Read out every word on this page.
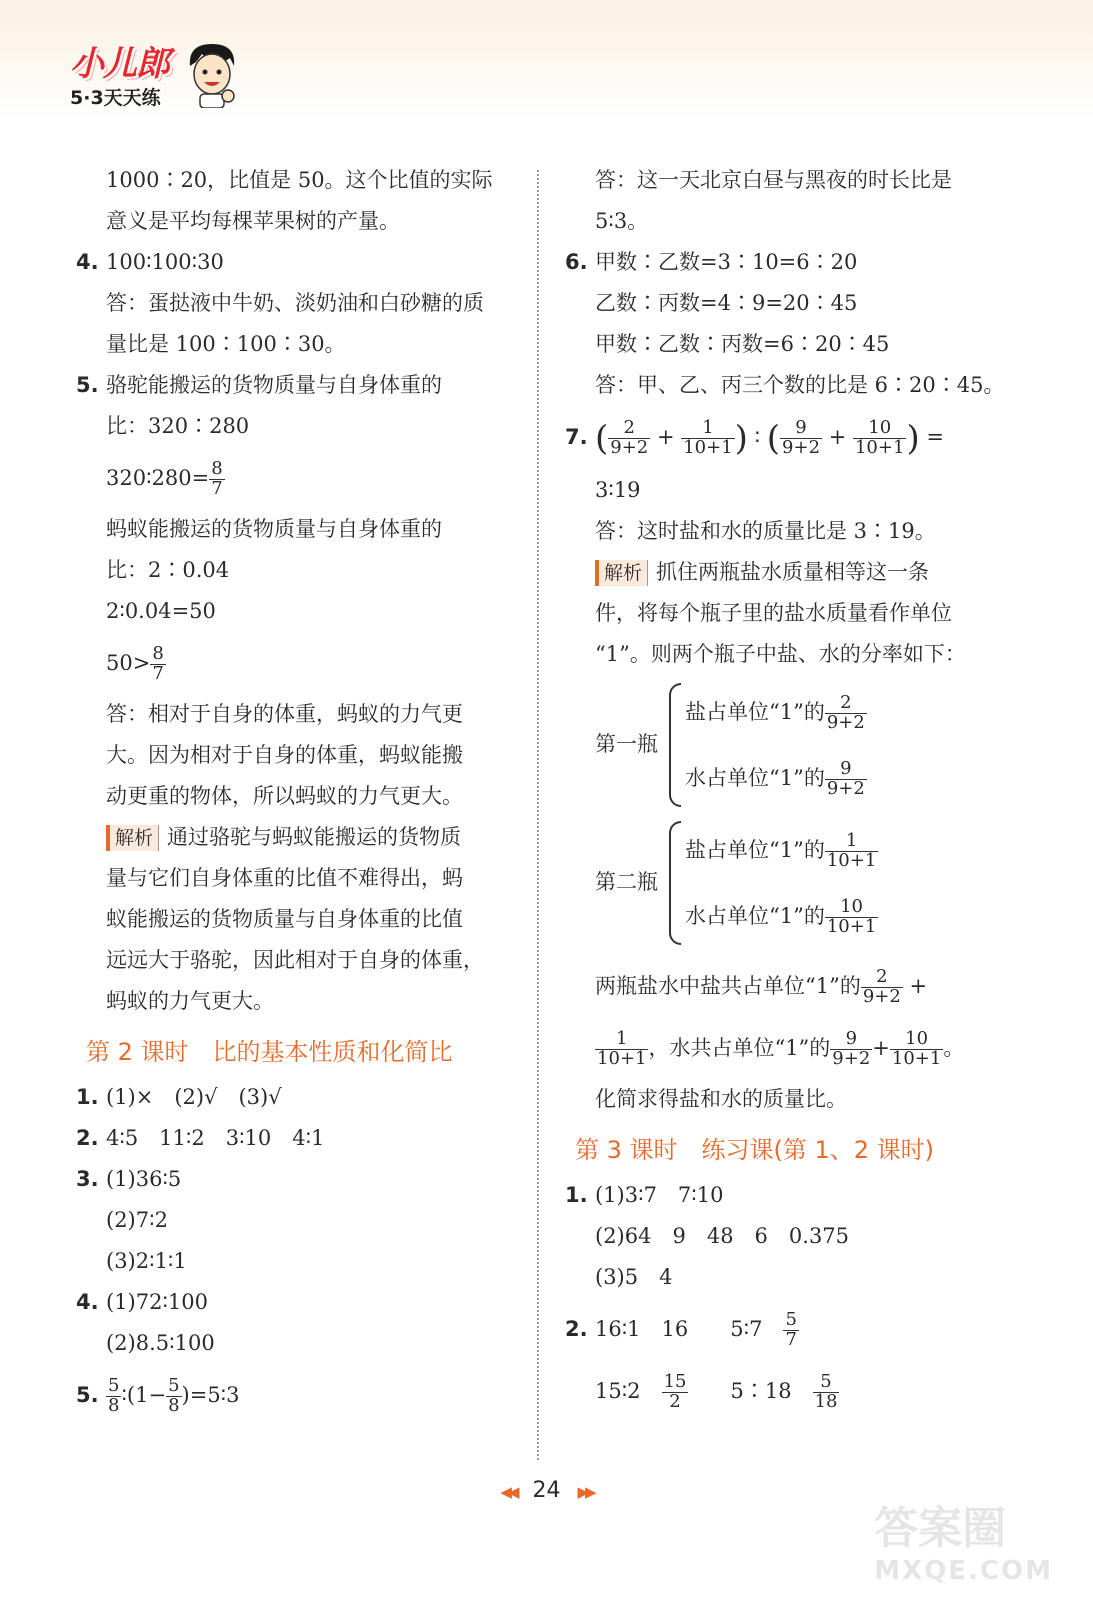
小儿郎
5·3天天练
1000∶20，比值是 50。这个比值的实际
意义是平均每棵苹果树的产量。
4. 100∶100∶30
答：蛋挞液中牛奶、淡奶油和白砂糖的质
量比是 100∶100∶30。
5. 骆驼能搬运的货物质量与自身体重的
比：320∶280
320∶280= $\frac{8}{7}$
蚂蚁能搬运的货物质量与自身体重的
比：2∶0.04
2∶0.04=50
$50> \frac{8}{7}$
答：相对于自身的体重，蚂蚁的力气更
大。因为相对于自身的体重，蚂蚁能搬
动更重的物体，所以蚂蚁的力气更大。
解析 通过骆驼与蚂蚁能搬运的货物质
量与它们自身体重的比值不难得出，蚂
蚁能搬运的货物质量与自身体重的比值
远远大于骆驼，因此相对于自身的体重，
蚂蚁的力气更大。
第 2 课时　比的基本性质和化简比
1. (1)×　(2)√　(3)√
2. 4∶5　11∶2　3∶10　4∶1
3. (1)36∶5
(2)7∶2
(3)2∶1∶1
4. (1)72∶100
(2)8.5∶100
5. $\frac{5}{8}$ ∶(1− $\frac{5}{8}$ )=5∶3
答：这一天北京白昼与黑夜的时长比是
5∶3。
6. 甲数∶乙数=3∶10=6∶20
乙数∶丙数=4∶9=20∶45
甲数∶乙数∶丙数=6∶20∶45
答：甲、乙、丙三个数的比是 6∶20∶45。
7. ( $\frac{2}{9+2} + \frac{1}{10+1}$ ) ∶ ( $\frac{9}{9+2} + \frac{10}{10+1}$ ) =
3∶19
答：这时盐和水的质量比是 3∶19。
解析 抓住两瓶盐水质量相等这一条
件，将每个瓶子里的盐水质量看作单位
“1”。则两个瓶子中盐、水的分率如下：
第一瓶
盐占单位“1”的 $\frac{2}{9+2}$
水占单位“1”的 $\frac{9}{9+2}$
第二瓶
盐占单位“1”的 $\frac{1}{10+1}$
水占单位“1”的 $\frac{10}{10+1}$
两瓶盐水中盐共占单位“1”的 $\frac{2}{9+2}$ +
$\frac{1}{10+1}$ ，水共占单位“1”的 $\frac{9}{9+2} + \frac{10}{10+1}$ 。
化简求得盐和水的质量比。
第 3 课时　练习课(第 1、2 课时)
1. (1)3∶7　7∶10
(2)64　9　48　6　0.375
(3)5　4
2. 16∶1　16　　5∶7　 $\frac{5}{7}$
15∶2　 $\frac{15}{2}$
　　 5∶18　 $\frac{5}{18}$
◀◀ 24 ▶▶
答案圈
MXQE.COM
